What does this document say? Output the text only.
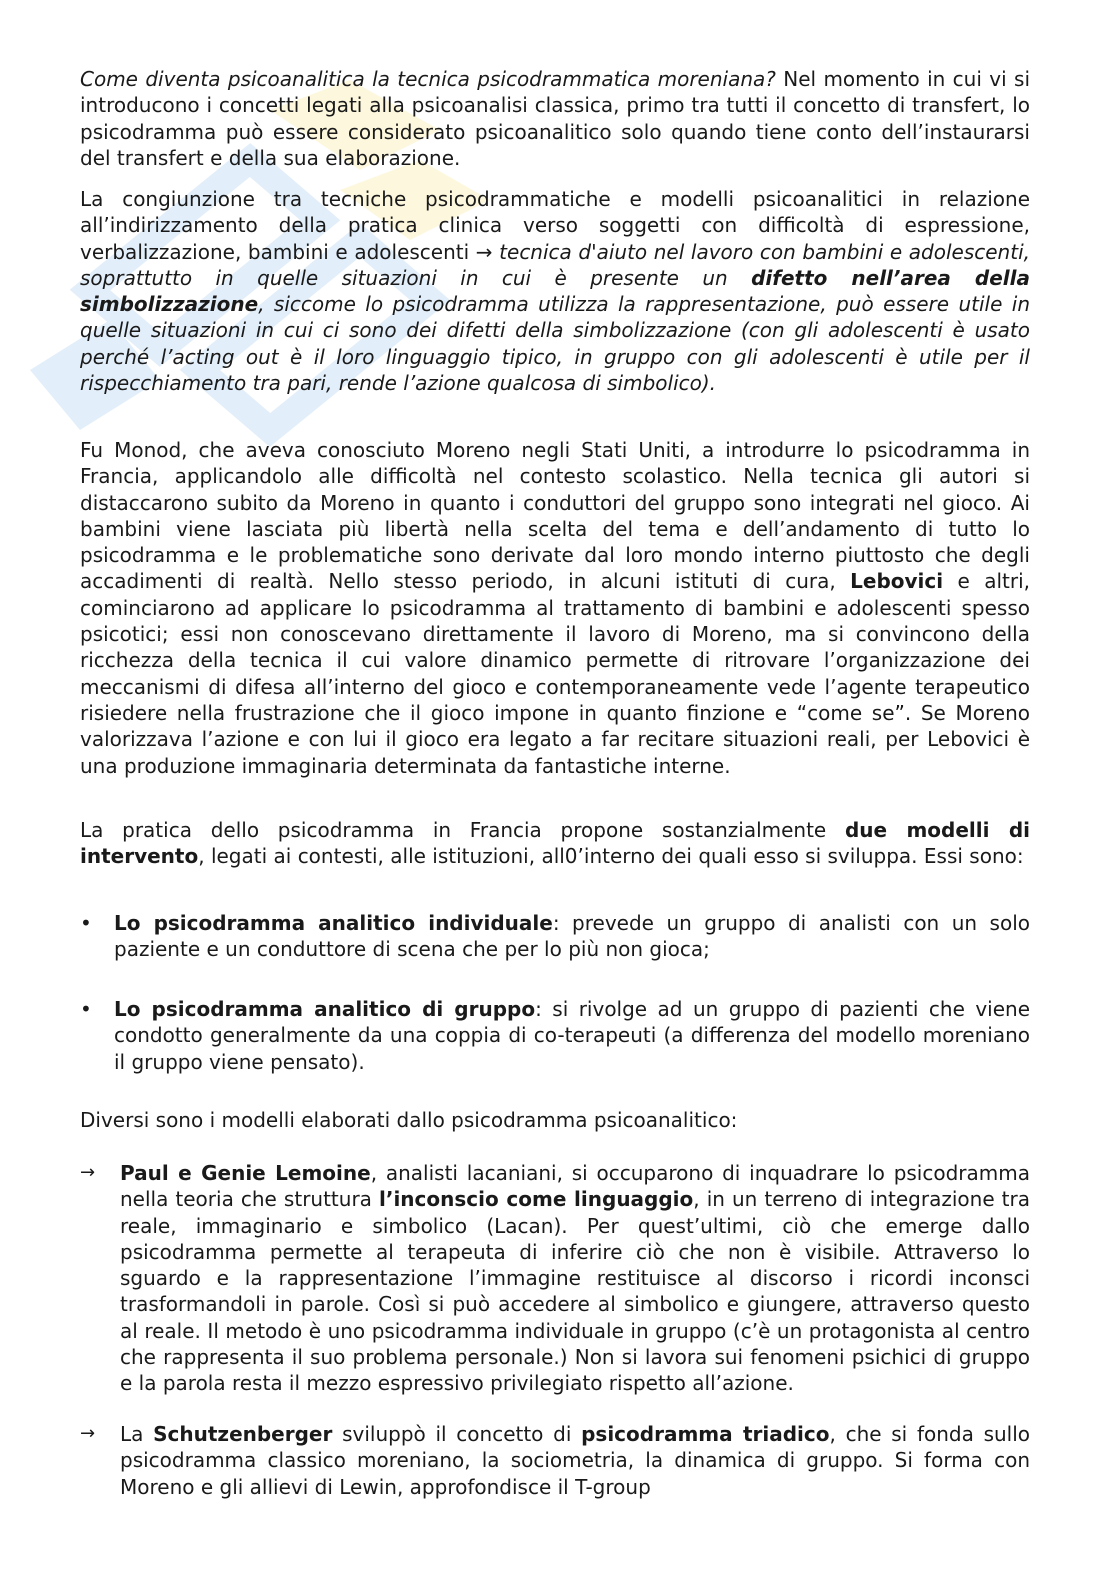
Come diventa psicoanalitica la tecnica psicodrammatica moreniana? Nel momento in cui vi si introducono i concetti legati alla psicoanalisi classica, primo tra tutti il concetto di transfert, lo psicodramma può essere considerato psicoanalitico solo quando tiene conto dell’instaurarsi del transfert e della sua elaborazione.

La congiunzione tra tecniche psicodrammatiche e modelli psicoanalitici in relazione all’indirizzamento della pratica clinica verso soggetti con difficoltà di espressione, verbalizzazione, bambini e adolescenti → tecnica d'aiuto nel lavoro con bambini e adolescenti, soprattutto in quelle situazioni in cui è presente un difetto nell’area della simbolizzazione, siccome lo psicodramma utilizza la rappresentazione, può essere utile in quelle situazioni in cui ci sono dei difetti della simbolizzazione (con gli adolescenti è usato perché l’acting out è il loro linguaggio tipico, in gruppo con gli adolescenti è utile per il rispecchiamento tra pari, rende l’azione qualcosa di simbolico).

Fu Monod, che aveva conosciuto Moreno negli Stati Uniti, a introdurre lo psicodramma in Francia, applicandolo alle difficoltà nel contesto scolastico. Nella tecnica gli autori si distaccarono subito da Moreno in quanto i conduttori del gruppo sono integrati nel gioco. Ai bambini viene lasciata più libertà nella scelta del tema e dell’andamento di tutto lo psicodramma e le problematiche sono derivate dal loro mondo interno piuttosto che degli accadimenti di realtà. Nello stesso periodo, in alcuni istituti di cura, Lebovici e altri, cominciarono ad applicare lo psicodramma al trattamento di bambini e adolescenti spesso psicotici; essi non conoscevano direttamente il lavoro di Moreno, ma si convincono della ricchezza della tecnica il cui valore dinamico permette di ritrovare l’organizzazione dei meccanismi di difesa all’interno del gioco e contemporaneamente vede l’agente terapeutico risiedere nella frustrazione che il gioco impone in quanto finzione e “come se”. Se Moreno valorizzava l’azione e con lui il gioco era legato a far recitare situazioni reali, per Lebovici è una produzione immaginaria determinata da fantastiche interne.

La pratica dello psicodramma in Francia propone sostanzialmente due modelli di intervento, legati ai contesti, alle istituzioni, all0’interno dei quali esso si sviluppa. Essi sono:

•	Lo psicodramma analitico individuale: prevede un gruppo di analisti con un solo paziente e un conduttore di scena che per lo più non gioca;
•	Lo psicodramma analitico di gruppo: si rivolge ad un gruppo di pazienti che viene condotto generalmente da una coppia di co-terapeuti (a differenza del modello moreniano il gruppo viene pensato).

Diversi sono i modelli elaborati dallo psicodramma psicoanalitico:

→	Paul e Genie Lemoine, analisti lacaniani, si occuparono di inquadrare lo psicodramma nella teoria che struttura l’inconscio come linguaggio, in un terreno di integrazione tra reale, immaginario e simbolico (Lacan). Per quest’ultimi, ciò che emerge dallo psicodramma permette al terapeuta di inferire ciò che non è visibile. Attraverso lo sguardo e la rappresentazione l’immagine restituisce al discorso i ricordi inconsci trasformandoli in parole. Così si può accedere al simbolico e giungere, attraverso questo al reale. Il metodo è uno psicodramma individuale in gruppo (c’è un protagonista al centro che rappresenta il suo problema personale.) Non si lavora sui fenomeni psichici di gruppo e la parola resta il mezzo espressivo privilegiato rispetto all’azione.
→	La Schutzenberger sviluppò il concetto di psicodramma triadico, che si fonda sullo psicodramma classico moreniano, la sociometria, la dinamica di gruppo. Si forma con Moreno e gli allievi di Lewin, approfondisce il T-group
